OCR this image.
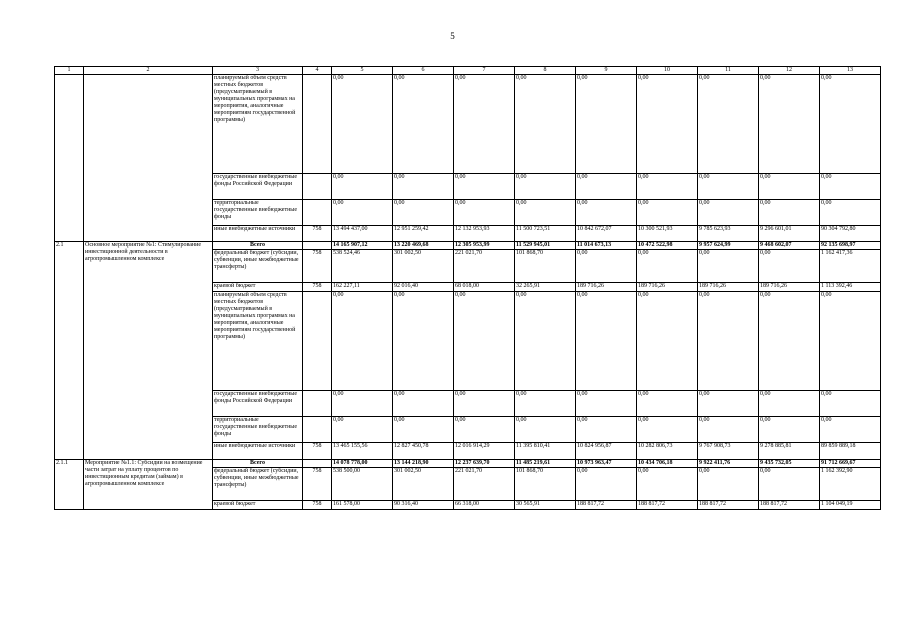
5
1	2	3	4	5	6	7	8	9	10	11	12	13
		планируемый объем средств местных бюджетов (предусматриваемый в муниципальных программах на мероприятия, аналогичные мероприятиям государственной программы)		0,00	0,00	0,00	0,00	0,00	0,00	0,00	0,00	0,00
		государственные внебюджетные фонды Российской Федерации		0,00	0,00	0,00	0,00	0,00	0,00	0,00	0,00	0,00
		территориальные государственные внебюджетные фонды		0,00	0,00	0,00	0,00	0,00	0,00	0,00	0,00	0,00
		иные внебюджетные источники	758	13 494 437,00	12 951 259,42	12 132 953,93	11 500 723,51	10 842 672,07	10 300 521,93	9 785 623,93	9 296 601,01	90 304 792,80
2.1	Основное мероприятие №1: Стимулирование инвестиционной деятельности в агропромышленном комплексе	Всего		14 165 907,12	13 220 469,68	12 305 953,99	11 529 945,01	11 014 673,13	10 472 522,98	9 957 624,99	9 468 602,07	92 135 698,97
		федеральный бюджет (субсидии, субвенции, иные межбюджетные трансферты)	758	538 524,46	301 002,50	221 021,70	101 868,70	0,00	0,00	0,00	0,00	1 162 417,36
		краевой бюджет	758	162 227,11	92 016,40	68 018,00	32 265,91	189 716,26	189 716,26	189 716,26	189 716,26	1 113 392,46
		планируемый объем средств местных бюджетов (предусматриваемый в муниципальных программах на мероприятия, аналогичные мероприятиям государственной программы)		0,00	0,00	0,00	0,00	0,00	0,00	0,00	0,00	0,00
		государственные внебюджетные фонды Российской Федерации		0,00	0,00	0,00	0,00	0,00	0,00	0,00	0,00	0,00
		территориальные государственные внебюджетные фонды		0,00	0,00	0,00	0,00	0,00	0,00	0,00	0,00	0,00
		иные внебюджетные источники	758	13 465 155,56	12 827 450,78	12 016 914,29	11 395 810,41	10 824 956,87	10 282 806,73	9 767 908,73	9 278 885,81	89 859 889,18
2.1.1	Мероприятие №1.1: Субсидии на возмещение части затрат на уплату процентов по инвестиционным кредитам (займам) в агропромышленном комплексе	Всего		14 078 778,00	13 144 218,90	12 237 639,70	11 485 219,61	10 973 963,47	10 434 706,18	9 922 411,76	9 435 732,05	91 712 669,67
		федеральный бюджет (субсидии, субвенции, иные межбюджетные трансферты)	758	538 500,00	301 002,50	221 021,70	101 868,70	0,00	0,00	0,00	0,00	1 162 392,90
		краевой бюджет	758	161 578,00	90 316,40	66 318,00	30 565,91	188 817,72	188 817,72	188 817,72	188 817,72	1 104 049,19
